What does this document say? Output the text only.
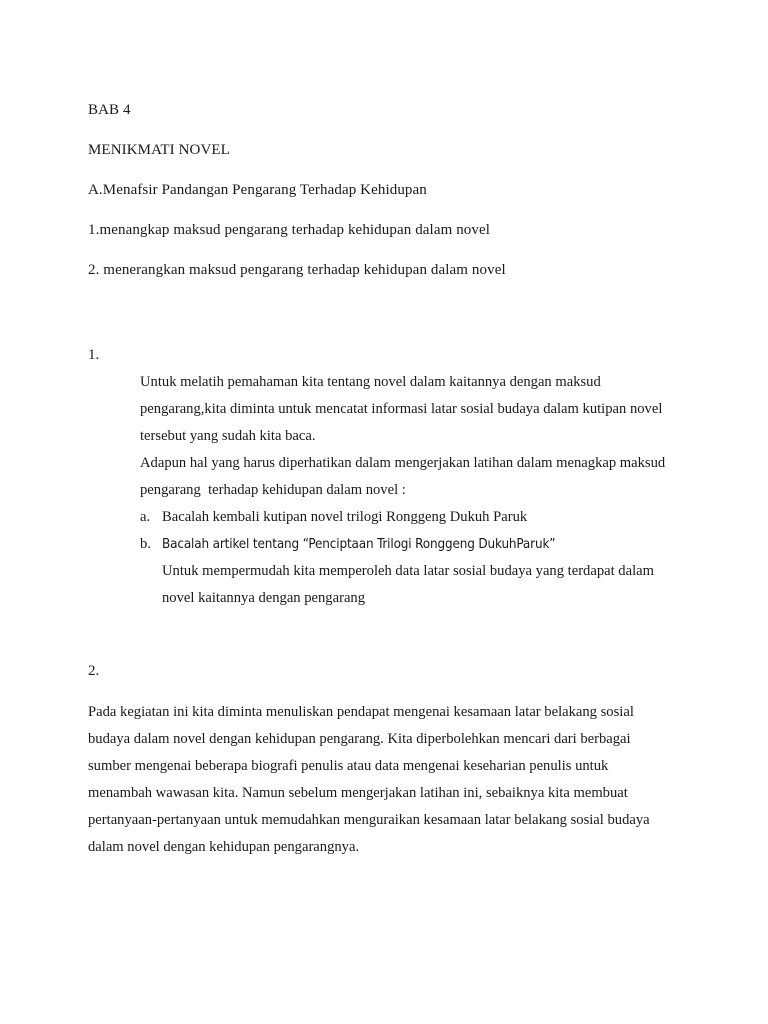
BAB 4

MENIKMATI NOVEL

A.Menafsir Pandangan Pengarang Terhadap Kehidupan

1.menangkap maksud pengarang terhadap kehidupan dalam novel

2. menerangkan maksud pengarang terhadap kehidupan dalam novel

1.

Untuk melatih pemahaman kita tentang novel dalam kaitannya dengan maksud

pengarang,kita diminta untuk mencatat informasi latar sosial budaya dalam kutipan novel

tersebut yang sudah kita baca.

Adapun hal yang harus diperhatikan dalam mengerjakan latihan dalam menagkap maksud

pengarang  terhadap kehidupan dalam novel :

a. Bacalah kembali kutipan novel trilogi Ronggeng Dukuh Paruk
b. Bacalah artikel tentang “Penciptaan Trilogi Ronggeng DukuhParuk”
Untuk mempermudah kita memperoleh data latar sosial budaya yang terdapat dalam
novel kaitannya dengan pengarang

2.

Pada kegiatan ini kita diminta menuliskan pendapat mengenai kesamaan latar belakang sosial

budaya dalam novel dengan kehidupan pengarang. Kita diperbolehkan mencari dari berbagai

sumber mengenai beberapa biografi penulis atau data mengenai keseharian penulis untuk

menambah wawasan kita. Namun sebelum mengerjakan latihan ini, sebaiknya kita membuat

pertanyaan-pertanyaan untuk memudahkan menguraikan kesamaan latar belakang sosial budaya

dalam novel dengan kehidupan pengarangnya.
